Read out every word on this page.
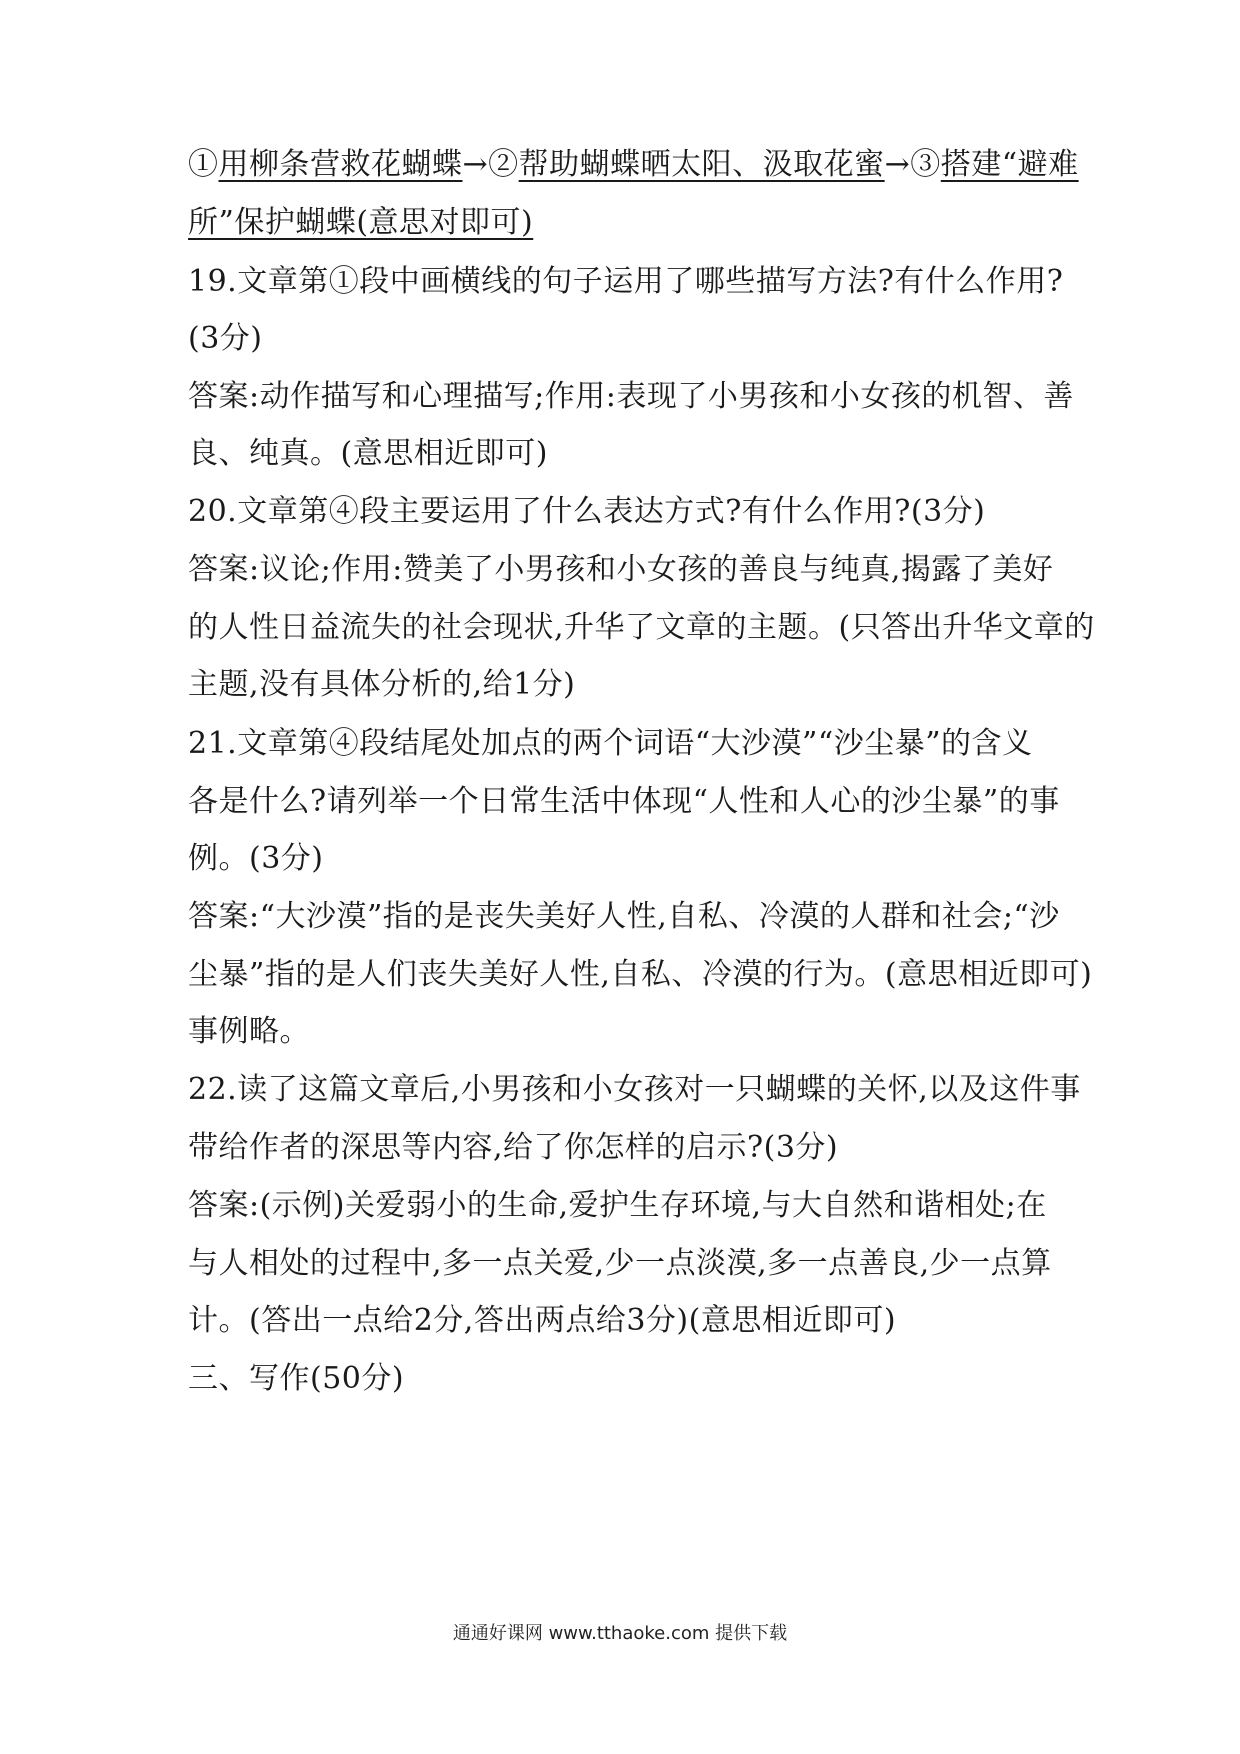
①用柳条营救花蝴蝶→②帮助蝴蝶晒太阳、汲取花蜜→③搭建“避难
所”保护蝴蝶(意思对即可)
19.文章第①段中画横线的句子运用了哪些描写方法?有什么作用?
(3分)
答案:动作描写和心理描写;作用:表现了小男孩和小女孩的机智、善
良、纯真。(意思相近即可)
20.文章第④段主要运用了什么表达方式?有什么作用?(3分)
答案:议论;作用:赞美了小男孩和小女孩的善良与纯真,揭露了美好
的人性日益流失的社会现状,升华了文章的主题。(只答出升华文章的
主题,没有具体分析的,给1分)
21.文章第④段结尾处加点的两个词语“大沙漠”“沙尘暴”的含义
各是什么?请列举一个日常生活中体现“人性和人心的沙尘暴”的事
例。(3分)
答案:“大沙漠”指的是丧失美好人性,自私、冷漠的人群和社会;“沙
尘暴”指的是人们丧失美好人性,自私、冷漠的行为。(意思相近即可)
事例略。
22.读了这篇文章后,小男孩和小女孩对一只蝴蝶的关怀,以及这件事
带给作者的深思等内容,给了你怎样的启示?(3分)
答案:(示例)关爱弱小的生命,爱护生存环境,与大自然和谐相处;在
与人相处的过程中,多一点关爱,少一点淡漠,多一点善良,少一点算
计。(答出一点给2分,答出两点给3分)(意思相近即可)
三、写作(50分)
通通好课网 www.tthaoke.com 提供下载
